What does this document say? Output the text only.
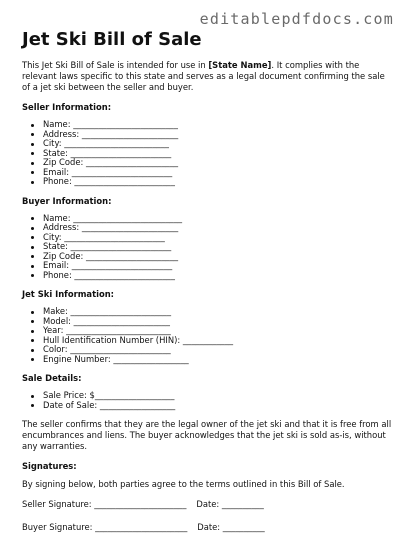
editablepdfdocs.com
Jet Ski Bill of Sale

This Jet Ski Bill of Sale is intended for use in [State Name]. It complies with the relevant laws specific to this state and serves as a legal document confirming the sale of a jet ski between the seller and buyer.

Seller Information:
Name: _________________________
Address: _______________________
City: _________________________
State: ________________________
Zip Code: ______________________
Email: ________________________
Phone: ________________________
Buyer Information:
Name: __________________________
Address: _______________________
City: ________________________
State: ________________________
Zip Code: ______________________
Email: ________________________
Phone: ________________________
Jet Ski Information:
Make: ________________________
Model: _______________________
Year: _________________________
Hull Identification Number (HIN): ____________
Color: ________________________
Engine Number: __________________
Sale Details:
Sale Price: $___________________
Date of Sale: __________________

The seller confirms that they are the legal owner of the jet ski and that it is free from all encumbrances and liens. The buyer acknowledges that the jet ski is sold as-is, without any warranties.

Signatures:

By signing below, both parties agree to the terms outlined in this Bill of Sale.

Seller Signature: ______________________ Date: __________
Buyer Signature: ______________________ Date: __________
